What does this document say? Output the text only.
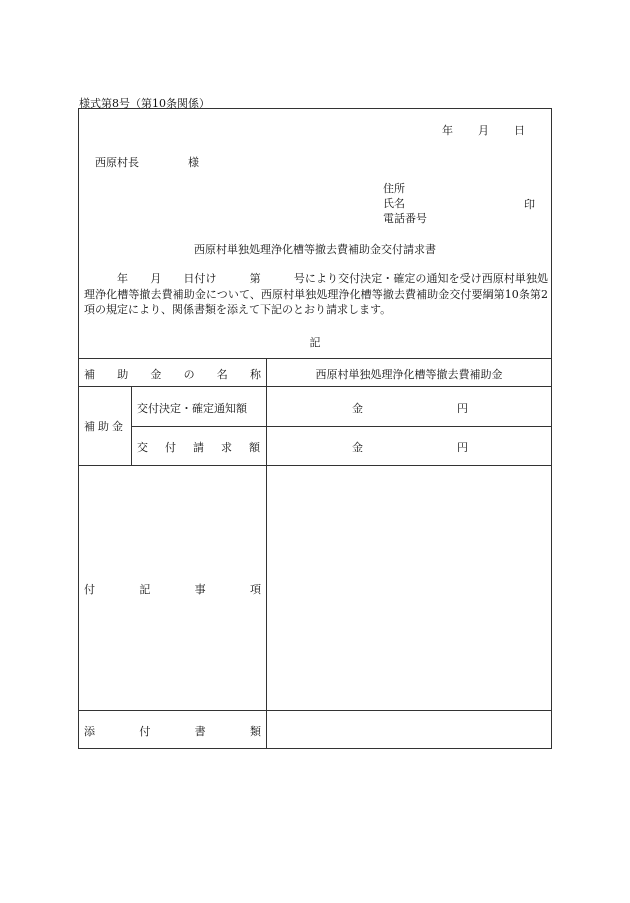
様式第8号（第10条関係）
年	月	日
西原村長	様
住所
氏名
電話番号
印
西原村単独処理浄化槽等撤去費補助金交付請求書
年　　月　　日付け　　　第　　　号により交付決定・確定の通知を受け西原村単独処理浄化槽等撤去費補助金について、西原村単独処理浄化槽等撤去費補助金交付要綱第10条第2項の規定により、関係書類を添えて下記のとおり請求します。
記
補 助 金 の 名 称	西原村単独処理浄化槽等撤去費補助金
補助金
交付決定・確定通知額	金	円
交 付 請 求 額	金	円
付	記	事	項
添	付	書	類
